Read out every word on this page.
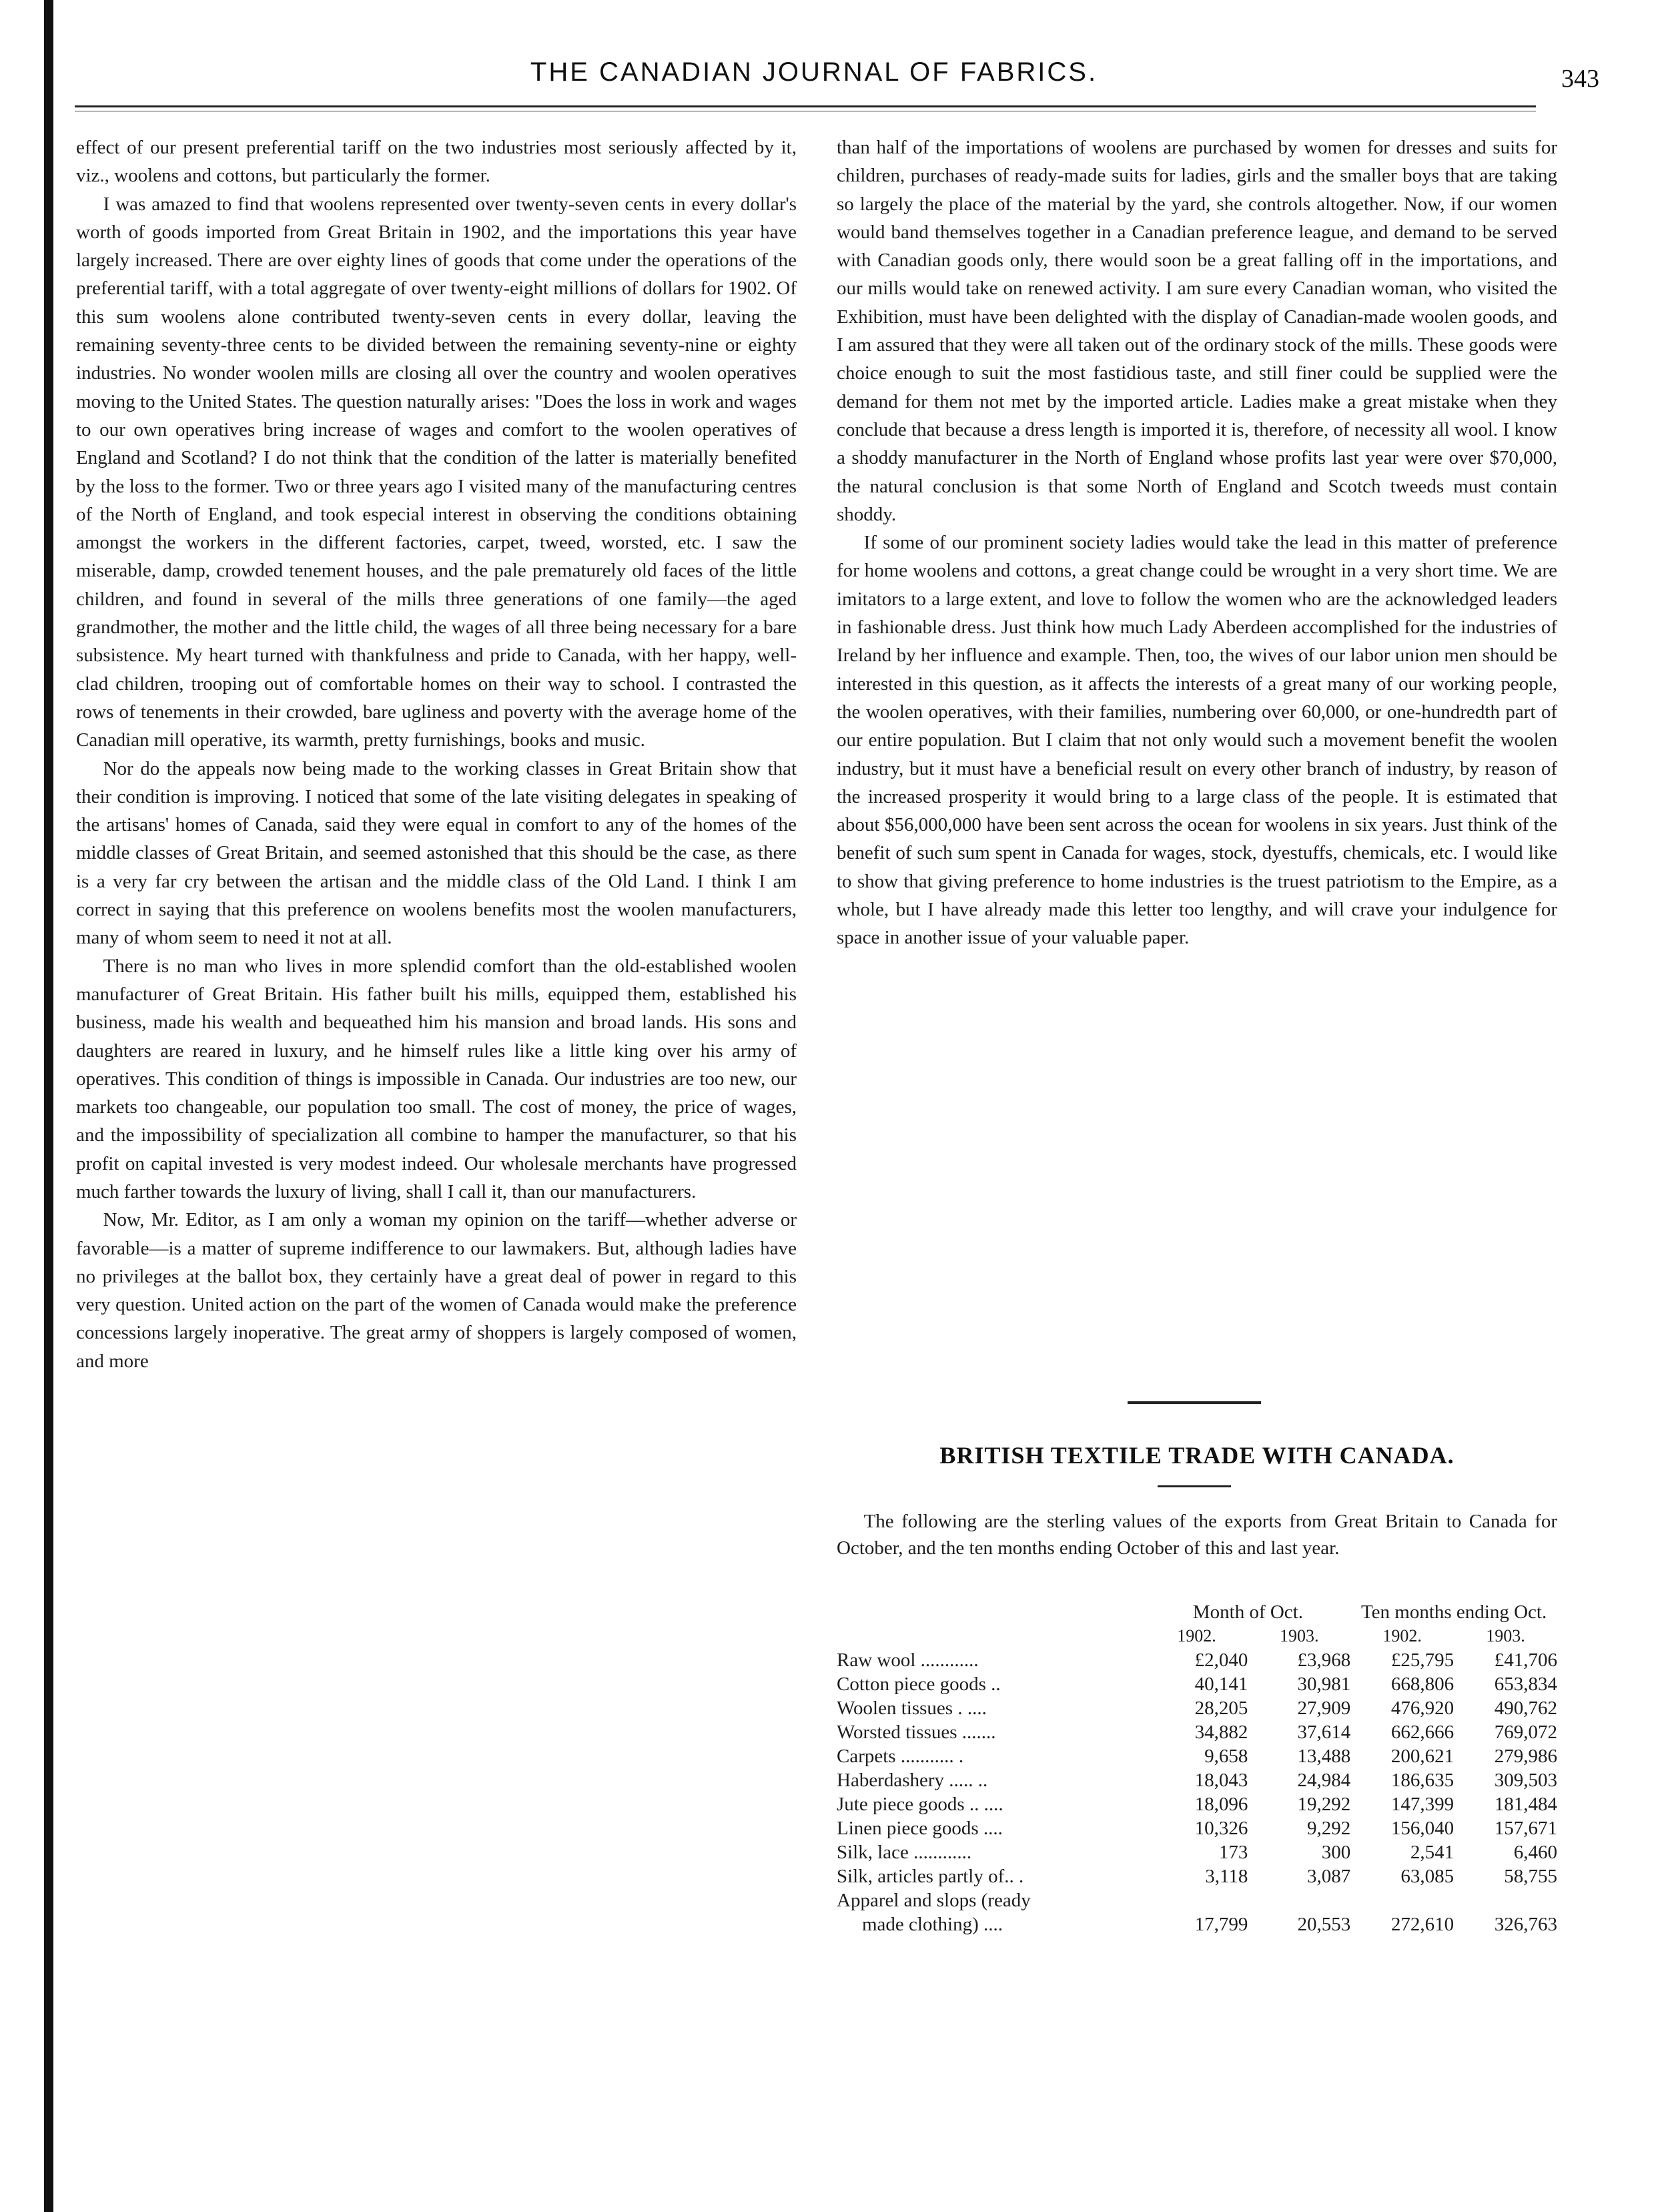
THE CANADIAN JOURNAL OF FABRICS.	343

effect of our present preferential tariff on the two industries most seriously affected by it, viz., woolens and cottons, but particularly the former.

I was amazed to find that woolens represented over twenty-seven cents in every dollar's worth of goods imported from Great Britain in 1902, and the importations this year have largely increased. There are over eighty lines of goods that come under the operations of the preferential tariff, with a total aggregate of over twenty-eight millions of dollars for 1902. Of this sum woolens alone contributed twenty-seven cents in every dollar, leaving the remaining seventy-three cents to be divided between the remaining seventy-nine or eighty industries. No wonder woolen mills are closing all over the country and woolen operatives moving to the United States. The question naturally arises: "Does the loss in work and wages to our own operatives bring increase of wages and comfort to the woolen operatives of England and Scotland? I do not think that the condition of the latter is materially benefited by the loss to the former. Two or three years ago I visited many of the manufacturing centres of the North of England, and took especial interest in observing the conditions obtaining amongst the workers in the different factories, carpet, tweed, worsted, etc. I saw the miserable, damp, crowded tenement houses, and the pale prematurely old faces of the little children, and found in several of the mills three generations of one family—the aged grandmother, the mother and the little child, the wages of all three being necessary for a bare subsistence. My heart turned with thankfulness and pride to Canada, with her happy, well-clad children, trooping out of comfortable homes on their way to school. I contrasted the rows of tenements in their crowded, bare ugliness and poverty with the average home of the Canadian mill operative, its warmth, pretty furnishings, books and music.

Nor do the appeals now being made to the working classes in Great Britain show that their condition is improving. I noticed that some of the late visiting delegates in speaking of the artisans' homes of Canada, said they were equal in comfort to any of the homes of the middle classes of Great Britain, and seemed astonished that this should be the case, as there is a very far cry between the artisan and the middle class of the Old Land. I think I am correct in saying that this preference on woolens benefits most the woolen manufacturers, many of whom seem to need it not at all.

There is no man who lives in more splendid comfort than the old-established woolen manufacturer of Great Britain. His father built his mills, equipped them, established his business, made his wealth and bequeathed him his mansion and broad lands. His sons and daughters are reared in luxury, and he himself rules like a little king over his army of operatives. This condition of things is impossible in Canada. Our industries are too new, our markets too changeable, our population too small. The cost of money, the price of wages, and the impossibility of specialization all combine to hamper the manufacturer, so that his profit on capital invested is very modest indeed. Our wholesale merchants have progressed much farther towards the luxury of living, shall I call it, than our manufacturers.

Now, Mr. Editor, as I am only a woman my opinion on the tariff—whether adverse or favorable—is a matter of supreme indifference to our lawmakers. But, although ladies have no privileges at the ballot box, they certainly have a great deal of power in regard to this very question. United action on the part of the women of Canada would make the preference concessions largely inoperative. The great army of shoppers is largely composed of women, and more

than half of the importations of woolens are purchased by women for dresses and suits for children, purchases of ready-made suits for ladies, girls and the smaller boys that are taking so largely the place of the material by the yard, she controls altogether. Now, if our women would band themselves together in a Canadian preference league, and demand to be served with Canadian goods only, there would soon be a great falling off in the importations, and our mills would take on renewed activity. I am sure every Canadian woman, who visited the Exhibition, must have been delighted with the display of Canadian-made woolen goods, and I am assured that they were all taken out of the ordinary stock of the mills. These goods were choice enough to suit the most fastidious taste, and still finer could be supplied were the demand for them not met by the imported article. Ladies make a great mistake when they conclude that because a dress length is imported it is, therefore, of necessity all wool. I know a shoddy manufacturer in the North of England whose profits last year were over $70,000, the natural conclusion is that some North of England and Scotch tweeds must contain shoddy.

If some of our prominent society ladies would take the lead in this matter of preference for home woolens and cottons, a great change could be wrought in a very short time. We are imitators to a large extent, and love to follow the women who are the acknowledged leaders in fashionable dress. Just think how much Lady Aberdeen accomplished for the industries of Ireland by her influence and example. Then, too, the wives of our labor union men should be interested in this question, as it affects the interests of a great many of our working people, the woolen operatives, with their families, numbering over 60,000, or one-hundredth part of our entire population. But I claim that not only would such a movement benefit the woolen industry, but it must have a beneficial result on every other branch of industry, by reason of the increased prosperity it would bring to a large class of the people. It is estimated that about $56,000,000 have been sent across the ocean for woolens in six years. Just think of the benefit of such sum spent in Canada for wages, stock, dyestuffs, chemicals, etc. I would like to show that giving preference to home industries is the truest patriotism to the Empire, as a whole, but I have already made this letter too lengthy, and will crave your indulgence for space in another issue of your valuable paper.

BRITISH TEXTILE TRADE WITH CANADA.
The following are the sterling values of the exports from Great Britain to Canada for October, and the ten months ending October of this and last year.
	Month of Oct.		Ten months ending Oct.	
	1902.	1903.	1902.	1903.
Raw wool ............	£2,040	£3,968	£25,795	£41,706
Cotton piece goods ..	40,141	30,981	668,806	653,834
Woolen tissues . ....	28,205	27,909	476,920	490,762
Worsted tissues .......	34,882	37,614	662,666	769,072
Carpets ........... .	9,658	13,488	200,621	279,986
Haberdashery ..... ..	18,043	24,984	186,635	309,503
Jute piece goods .. ....	18,096	19,292	147,399	181,484
Linen piece goods ....	10,326	9,292	156,040	157,671
Silk, lace ............	173	300	2,541	6,460
Silk, articles partly of.. .	3,118	3,087	63,085	58,755
Apparel and slops (ready				
made clothing) ....	17,799	20,553	272,610	326,763
